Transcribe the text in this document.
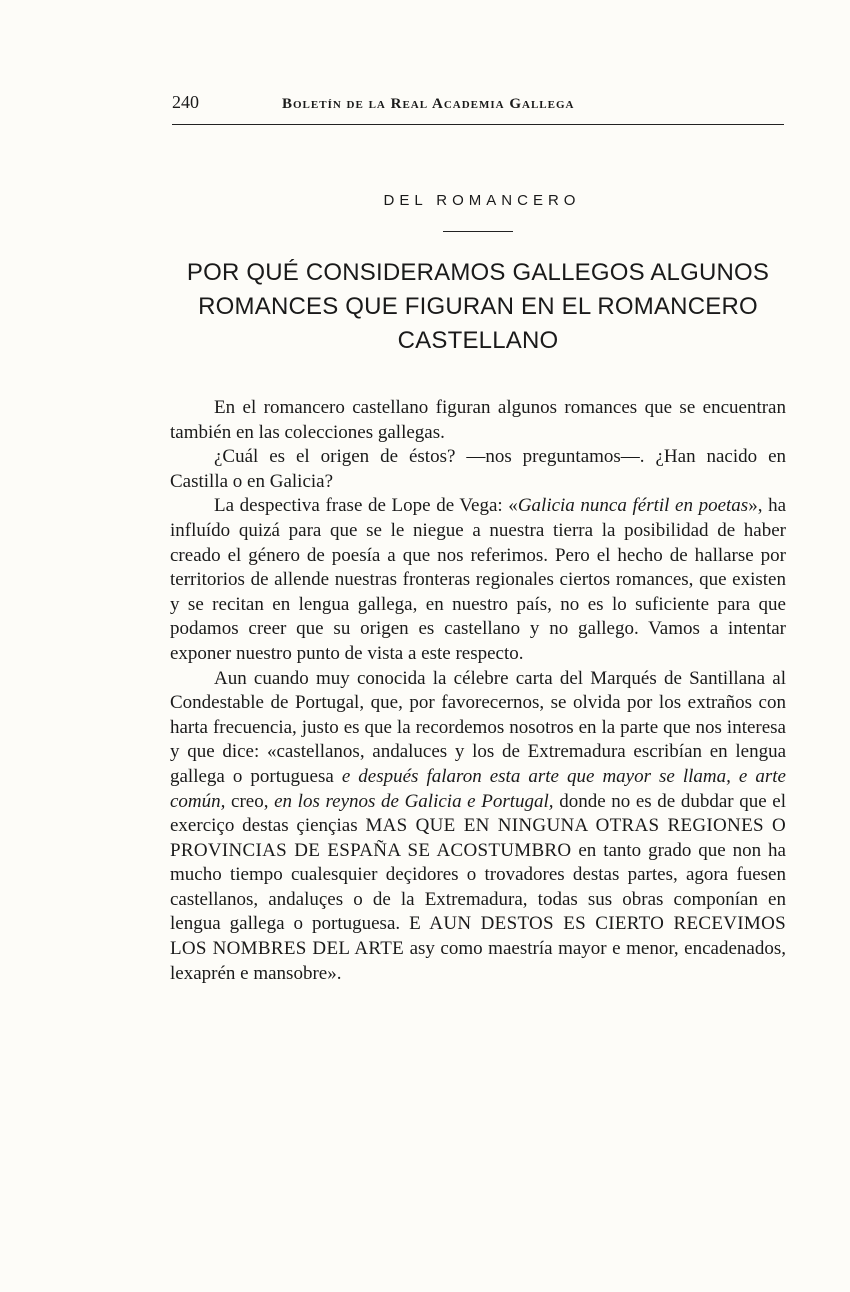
240	Boletín de la Real Academia Gallega
DEL ROMANCERO
POR QUÉ CONSIDERAMOS GALLEGOS ALGUNOS
ROMANCES QUE FIGURAN EN EL ROMANCERO
CASTELLANO

En el romancero castellano figuran algunos romances que se encuentran también en las colecciones gallegas.

¿Cuál es el origen de éstos? —nos preguntamos—. ¿Han nacido en Castilla o en Galicia?

La despectiva frase de Lope de Vega: «Galicia nunca fértil en poetas», ha influído quizá para que se le niegue a nuestra tierra la posibilidad de haber creado el género de poesía a que nos referimos. Pero el hecho de hallarse por territorios de allende nuestras fronteras regionales ciertos romances, que existen y se recitan en lengua gallega, en nuestro país, no es lo suficiente para que podamos creer que su origen es castellano y no gallego. Vamos a intentar exponer nuestro punto de vista a este respecto.

Aun cuando muy conocida la célebre carta del Marqués de Santillana al Condestable de Portugal, que, por favorecernos, se olvida por los extraños con harta frecuencia, justo es que la recordemos nosotros en la parte que nos interesa y que dice: «castellanos, andaluces y los de Extremadura escribían en lengua gallega o portuguesa e después falaron esta arte que mayor se llama, e arte común, creo, en los reynos de Galicia e Portugal, donde no es de dubdar que el exerciço destas çiençias MAS QUE EN NINGUNA OTRAS REGIONES O PROVINCIAS DE ESPAÑA SE ACOSTUMBRO en tanto grado que non ha mucho tiempo cualesquier deçidores o trovadores destas partes, agora fuesen castellanos, andaluçes o de la Extremadura, todas sus obras componían en lengua gallega o portuguesa. E AUN DESTOS ES CIERTO RECEVIMOS LOS NOMBRES DEL ARTE asy como maestría mayor e menor, encadenados, lexaprén e mansobre».
